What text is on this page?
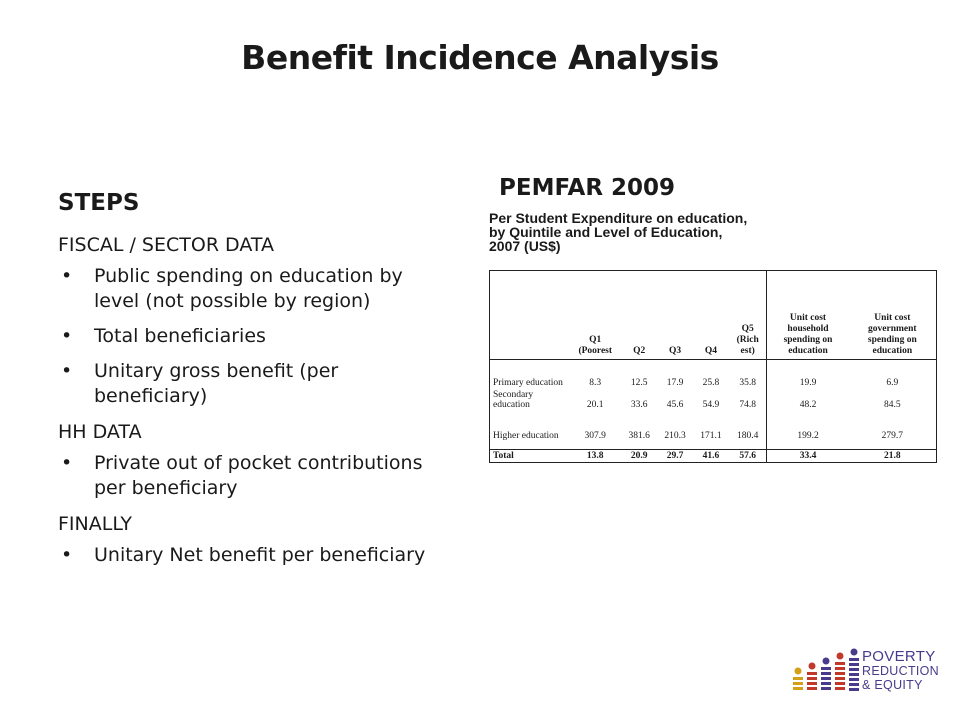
Benefit Incidence Analysis
STEPS
FISCAL / SECTOR DATA
• Public spending on education by level (not possible by region)
• Total beneficiaries
• Unitary gross benefit (per beneficiary)
HH DATA
• Private out of pocket contributions per beneficiary
FINALLY
• Unitary Net benefit per beneficiary
PEMFAR 2009
Per Student Expenditure on education,
by Quintile and Level of Education,
2007 (US$)
	Q1 (Poorest	Q2	Q3	Q4	Q5 (Rich est)	Unit cost household spending on education	Unit cost government spending on education
Primary education	8.3	12.5	17.9	25.8	35.8	19.9	6.9
Secondary education	20.1	33.6	45.6	54.9	74.8	48.2	84.5
Higher education	307.9	381.6	210.3	171.1	180.4	199.2	279.7

Total	13.8	20.9	29.7	41.6	57.6	33.4	21.8
POVERTY
REDUCTION
& EQUITY
